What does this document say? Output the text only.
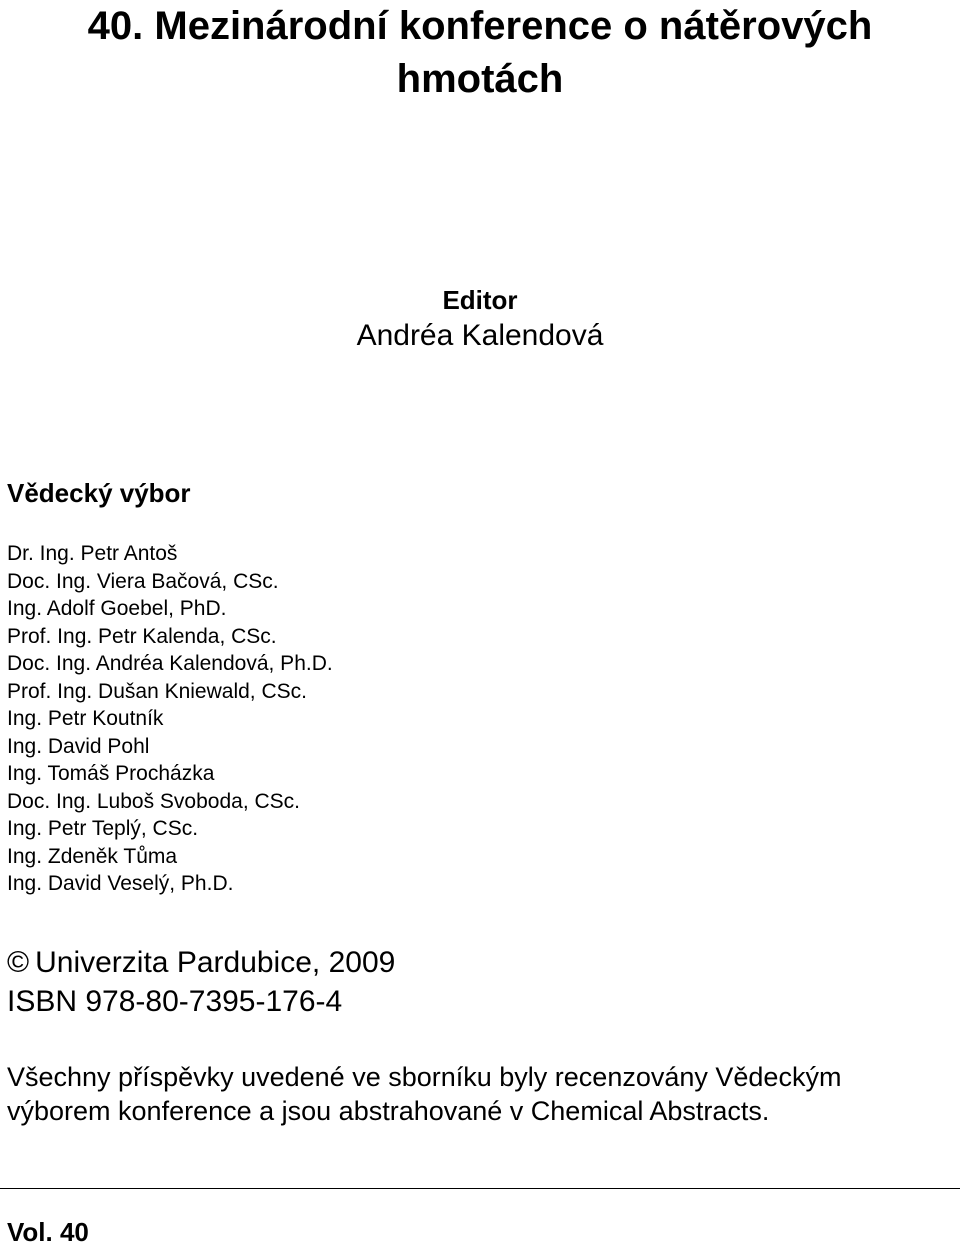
40. Mezinárodní konference o nátěrových hmotách
Editor
Andréa Kalendová
Vědecký výbor
Dr. Ing. Petr Antoš
Doc. Ing. Viera Bačová, CSc.
Ing. Adolf Goebel, PhD.
Prof. Ing. Petr Kalenda, CSc.
Doc. Ing. Andréa Kalendová, Ph.D.
Prof. Ing. Dušan Kniewald, CSc.
Ing. Petr Koutník
Ing. David Pohl
Ing. Tomáš Procházka
Doc. Ing. Luboš Svoboda, CSc.
Ing. Petr Teplý, CSc.
Ing. Zdeněk Tůma
Ing. David Veselý, Ph.D.
© Univerzita Pardubice, 2009
ISBN 978-80-7395-176-4

Všechny příspěvky uvedené ve sborníku byly recenzovány Vědeckým výborem konference a jsou abstrahované v Chemical Abstracts.

Vol. 40
